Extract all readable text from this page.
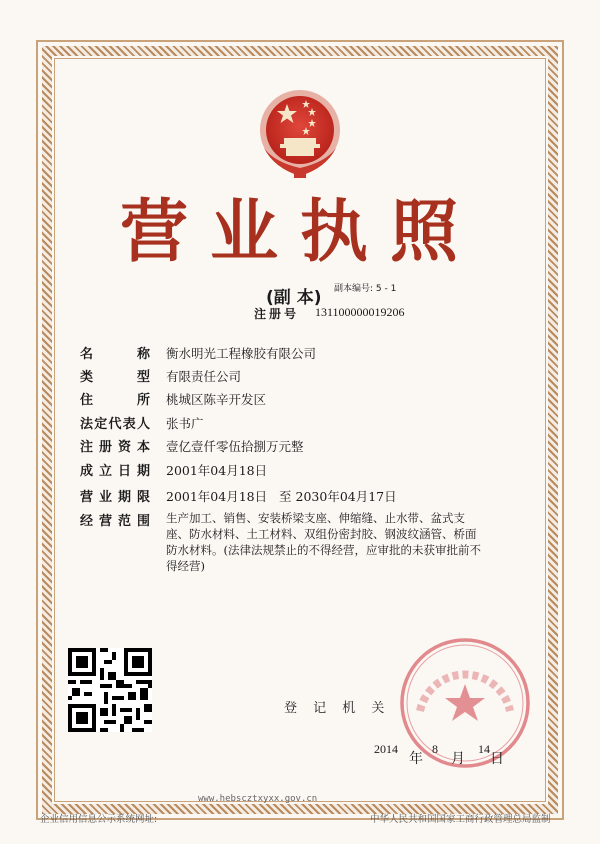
营业执照
(副 本) 副本编号: 5 - 1
注册号 131100000019206
名称 衡水明光工程橡胶有限公司
类型 有限责任公司
住所 桃城区陈辛开发区
法定代表人 张书广
注册资本 壹亿壹仟零伍拾捌万元整
成立日期 2001年04月18日
营业期限 2001年04月18日   至 2030年04月17日
经营范围 生产加工、销售、安装桥梁支座、伸缩缝、止水带、盆式支座、防水材料、土工材料、双组份密封胶、钢波纹涵管、桥面防水材料。(法律法规禁止的不得经营，应审批的未获审批前不得经营)
登 记 机 关
2014
年
8
月
14
日
www.hebscztxyxx.gov.cn
企业信用信息公示系统网址:	中华人民共和国国家工商行政管理总局监制
